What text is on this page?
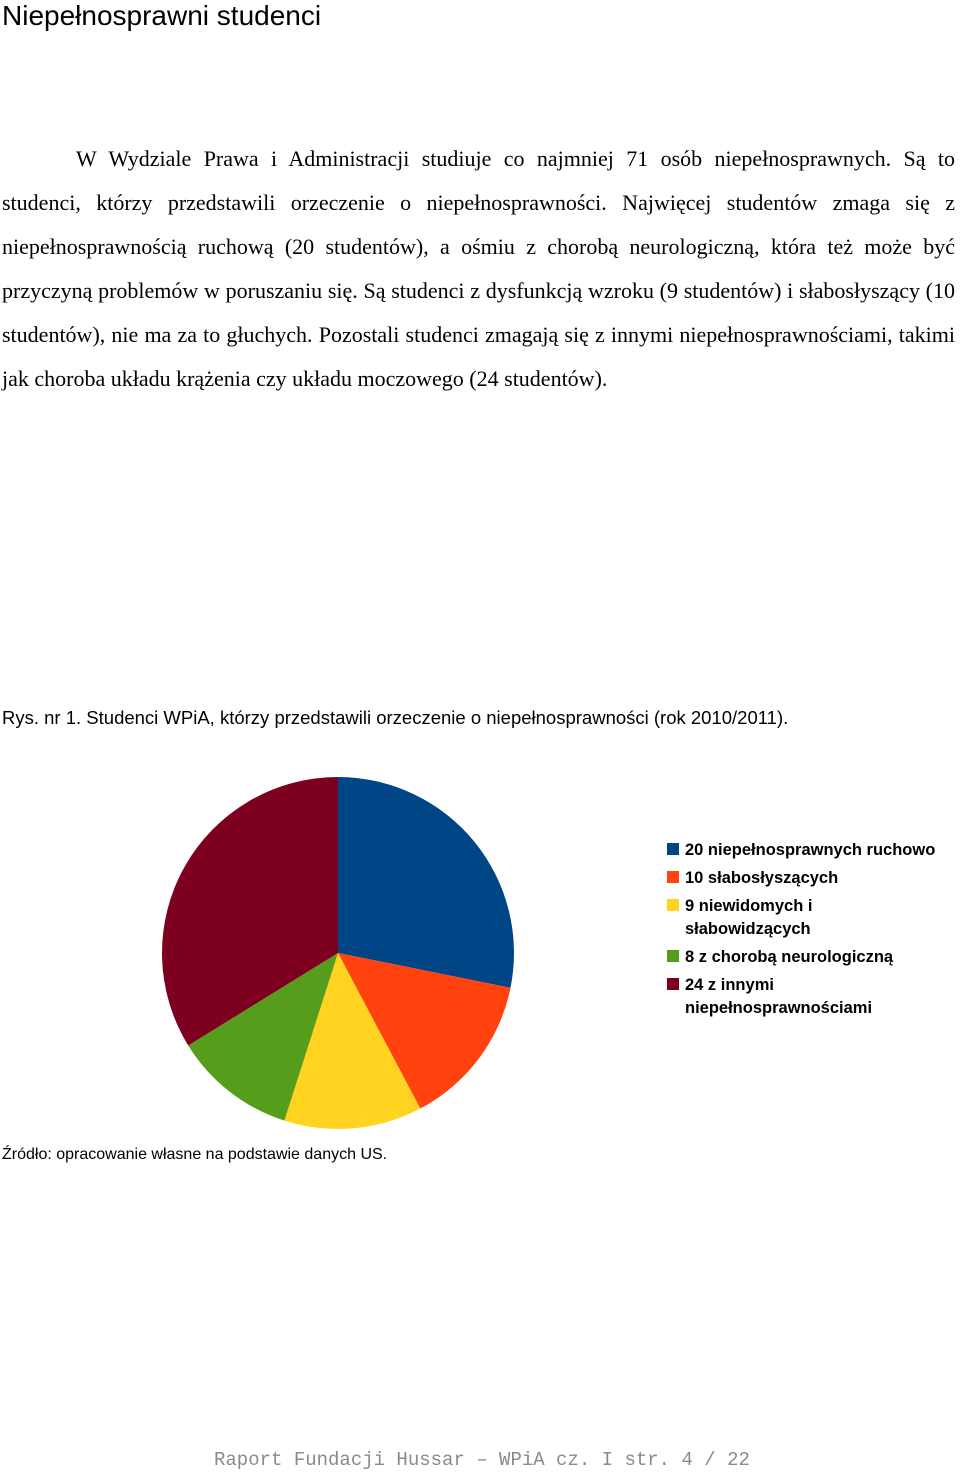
Niepełnosprawni studenci

W Wydziale Prawa i Administracji studiuje co najmniej 71 osób niepełnosprawnych. Są to studenci, którzy przedstawili orzeczenie o niepełnosprawności. Najwięcej studentów zmaga się z niepełnosprawnością ruchową (20 studentów), a ośmiu z chorobą neurologiczną, która też może być przyczyną problemów w poruszaniu się. Są studenci z dysfunkcją wzroku (9 studentów) i słabosłyszący (10 studentów), nie ma za to głuchych. Pozostali studenci zmagają się z innymi niepełnosprawnościami, takimi jak choroba układu krążenia czy układu moczowego (24 studentów).

Rys. nr 1. Studenci WPiA, którzy przedstawili orzeczenie o niepełnosprawności (rok 2010/2011).

20 niepełnosprawnych ruchowo
10 słabosłyszących
9 niewidomych i słabowidzących
8 z chorobą neurologiczną
24 z innymi niepełnosprawnościami

Źródło: opracowanie własne na podstawie danych US.

Raport Fundacji Hussar – WPiA cz. I str. 4 / 22
